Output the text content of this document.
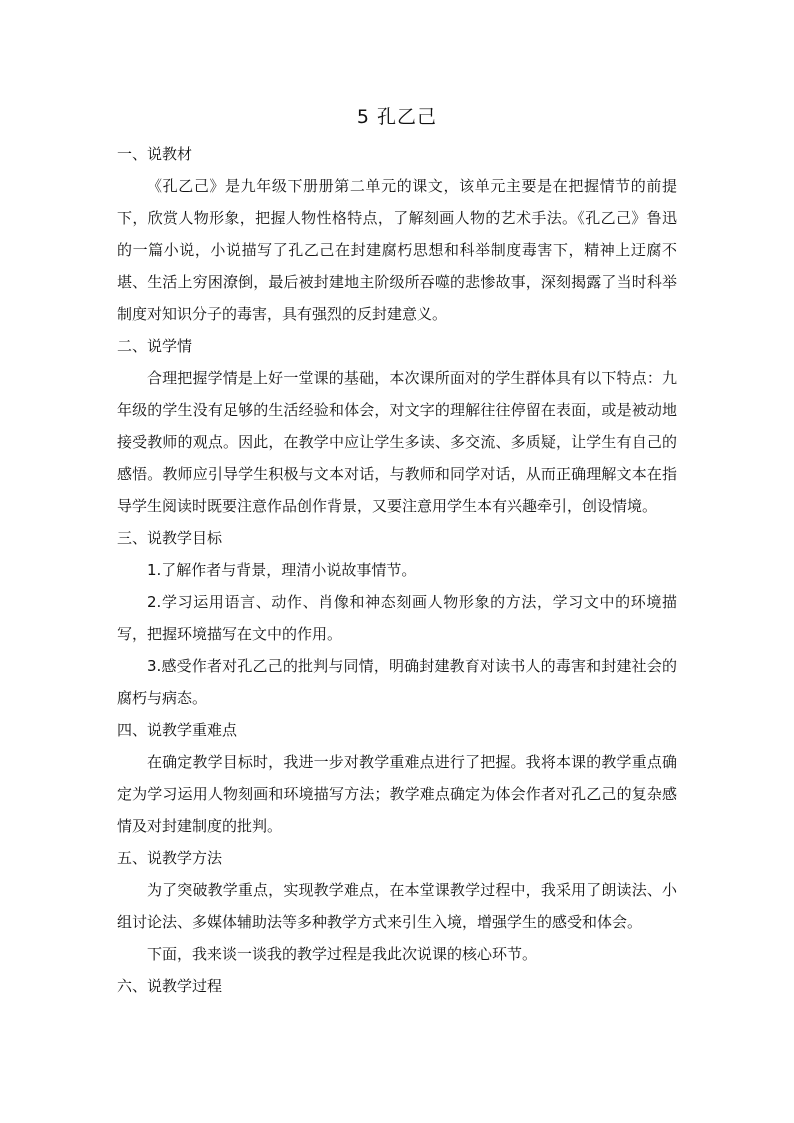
5 孔乙己

一、说教材

《孔乙己》是九年级下册册第二单元的课文，该单元主要是在把握情节的前提下，欣赏人物形象，把握人物性格特点，了解刻画人物的艺术手法。《孔乙己》鲁迅的一篇小说，小说描写了孔乙己在封建腐朽思想和科举制度毒害下，精神上迂腐不堪、生活上穷困潦倒，最后被封建地主阶级所吞噬的悲惨故事，深刻揭露了当时科举制度对知识分子的毒害，具有强烈的反封建意义。

二、说学情

合理把握学情是上好一堂课的基础，本次课所面对的学生群体具有以下特点：九年级的学生没有足够的生活经验和体会，对文字的理解往往停留在表面，或是被动地接受教师的观点。因此，在教学中应让学生多读、多交流、多质疑，让学生有自己的感悟。教师应引导学生积极与文本对话，与教师和同学对话，从而正确理解文本在指导学生阅读时既要注意作品创作背景，又要注意用学生本有兴趣牵引，创设情境。

三、说教学目标

1.了解作者与背景，理清小说故事情节。

2.学习运用语言、动作、肖像和神态刻画人物形象的方法，学习文中的环境描写，把握环境描写在文中的作用。

3.感受作者对孔乙己的批判与同情，明确封建教育对读书人的毒害和封建社会的腐朽与病态。

四、说教学重难点

在确定教学目标时，我进一步对教学重难点进行了把握。我将本课的教学重点确定为学习运用人物刻画和环境描写方法；教学难点确定为体会作者对孔乙己的复杂感情及对封建制度的批判。

五、说教学方法

为了突破教学重点，实现教学难点，在本堂课教学过程中，我采用了朗读法、小组讨论法、多媒体辅助法等多种教学方式来引生入境，增强学生的感受和体会。

下面，我来谈一谈我的教学过程是我此次说课的核心环节。

六、说教学过程
